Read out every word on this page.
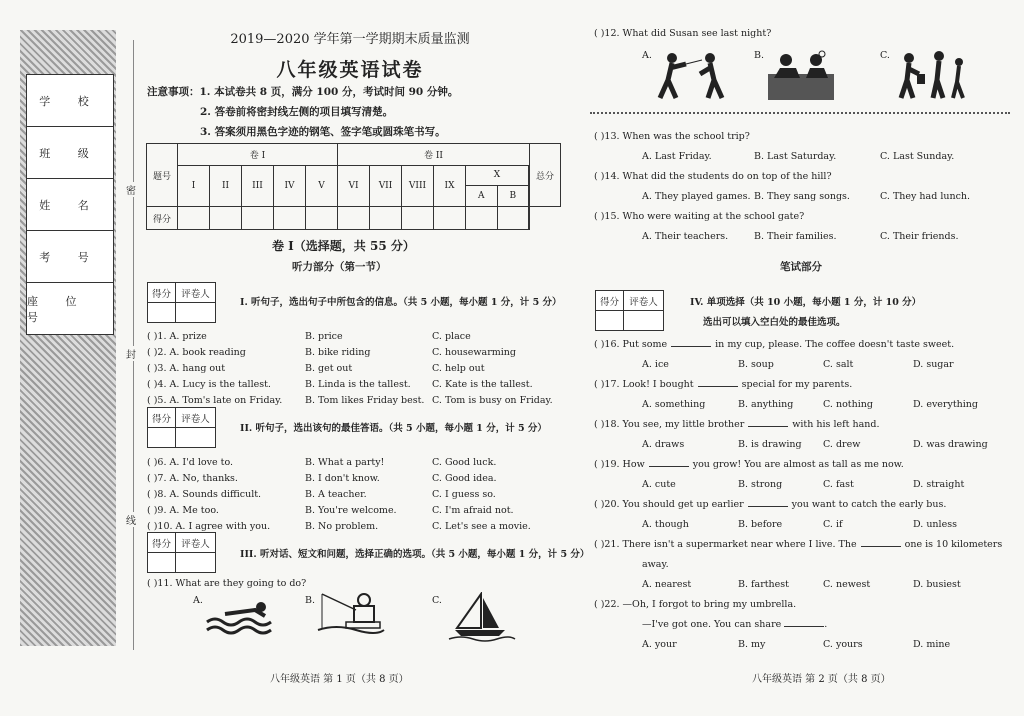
学 校
班 级
姓 名
考 号
座 位 号
密
封
线
2019—2020 学年第一学期期末质量监测
八年级英语试卷
注意事项：1. 本试卷共 8 页，满分 100 分，考试时间 90 分钟。
2. 答卷前将密封线左侧的项目填写清楚。
3. 答案须用黑色字迹的钢笔、签字笔或圆珠笔书写。
题号	卷 I					卷 II					总分
	I	II	III	IV	V	VI	VII	VIII	IX	X
A B	

得分										

卷 I（选择题，共 55 分）
听力部分（第一节）
得分	评卷人
I. 听句子，选出句子中所包含的信息。（共 5 小题，每小题 1 分，计 5 分）
( )1. A. prize	B. price	C. place
( )2. A. book reading	B. bike riding	C. housewarming
( )3. A. hang out	B. get out	C. help out
( )4. A. Lucy is the tallest.	B. Linda is the tallest. C. Kate is the tallest.
( )5. A. Tom's late on Friday. B. Tom likes Friday best. C. Tom is busy on Friday.
得分	评卷人
II. 听句子，选出该句的最佳答语。（共 5 小题，每小题 1 分，计 5 分）
( )6. A. I'd love to.	B. What a party!	C. Good luck.
( )7. A. No, thanks.	B. I don't know.	C. Good idea.
( )8. A. Sounds difficult.	B. A teacher.	C. I guess so.
( )9. A. Me too.	B. You're welcome.	C. I'm afraid not.
( )10. A. I agree with you.	B. No problem.	C. Let's see a movie.
得分	评卷人
III. 听对话、短文和问题，选择正确的选项。（共 5 小题，每小题 1 分，计 5 分）
( )11. What are they going to do?
A.	B.	C.
八年级英语 第 1 页（共 8 页）
( )12. What did Susan see last night?
A.	B.	C.
( )13. When was the school trip?
A. Last Friday.	B. Last Saturday.	C. Last Sunday.
( )14. What did the students do on top of the hill?
A. They played games. B. They sang songs.	C. They had lunch.
( )15. Who were waiting at the school gate?
A. Their teachers.	B. Their families.	C. Their friends.
笔试部分
得分	评卷人	IV. 单项选择（共 10 小题，每小题 1 分，计 10 分）
选出可以填入空白处的最佳选项。
( )16. Put some	in my cup, please. The coffee doesn't taste sweet.
A. ice	B. soup	C. salt	D. sugar
( )17. Look! I bought	special for my parents.
A. something	B. anything	C. nothing	D. everything
( )18. You see, my little brother	with his left hand.
A. draws	B. is drawing C. drew	D. was drawing
( )19. How	you grow! You are almost as tall as me now.
A. cute	B. strong	C. fast	D. straight
( )20. You should get up earlier	you want to catch the early bus.
A. though	B. before	C. if	D. unless
( )21. There isn't a supermarket near where I live. The	one is 10 kilometers
A. nearest	B. farthest	C. newest	D. busiest
away.
( )22. —Oh, I forgot to bring my umbrella.
—I've got one. You can share	.
A. your	B. my	C. yours	D. mine
八年级英语 第 2 页（共 8 页）
